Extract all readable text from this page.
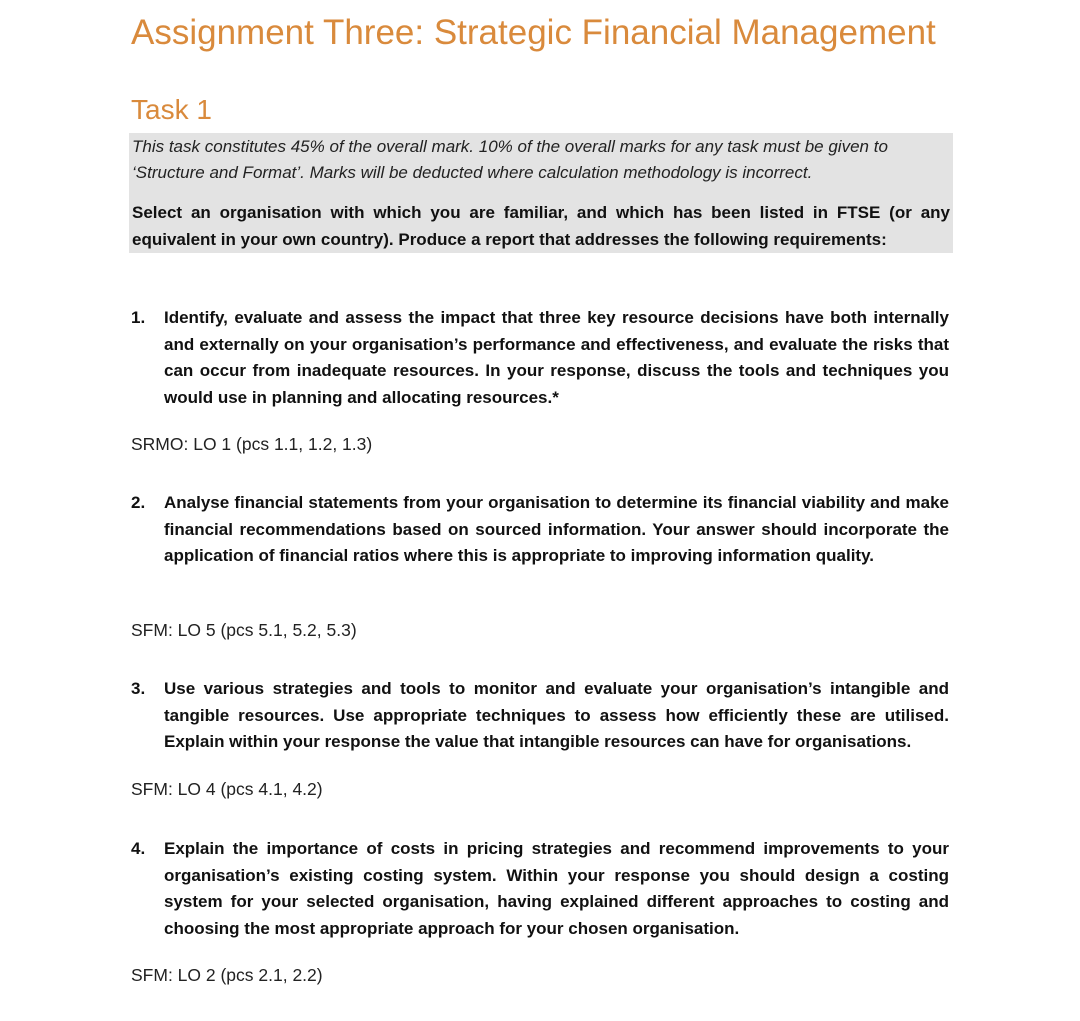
Assignment Three: Strategic Financial Management
Task 1

This task constitutes 45% of the overall mark. 10% of the overall marks for any task must be given to ‘Structure and Format’. Marks will be deducted where calculation methodology is incorrect.

Select an organisation with which you are familiar, and which has been listed in FTSE (or any equivalent in your own country). Produce a report that addresses the following requirements:

1. Identify, evaluate and assess the impact that three key resource decisions have both internally and externally on your organisation’s performance and effectiveness, and evaluate the risks that can occur from inadequate resources. In your response, discuss the tools and techniques you would use in planning and allocating resources.*

SRMO: LO 1 (pcs 1.1, 1.2, 1.3)

2. Analyse financial statements from your organisation to determine its financial viability and make financial recommendations based on sourced information. Your answer should incorporate the application of financial ratios where this is appropriate to improving information quality.

SFM: LO 5 (pcs 5.1, 5.2, 5.3)

3. Use various strategies and tools to monitor and evaluate your organisation’s intangible and tangible resources. Use appropriate techniques to assess how efficiently these are utilised. Explain within your response the value that intangible resources can have for organisations.

SFM: LO 4 (pcs 4.1, 4.2)

4. Explain the importance of costs in pricing strategies and recommend improvements to your organisation’s existing costing system. Within your response you should design a costing system for your selected organisation, having explained different approaches to costing and choosing the most appropriate approach for your chosen organisation.

SFM: LO 2 (pcs 2.1, 2.2)
